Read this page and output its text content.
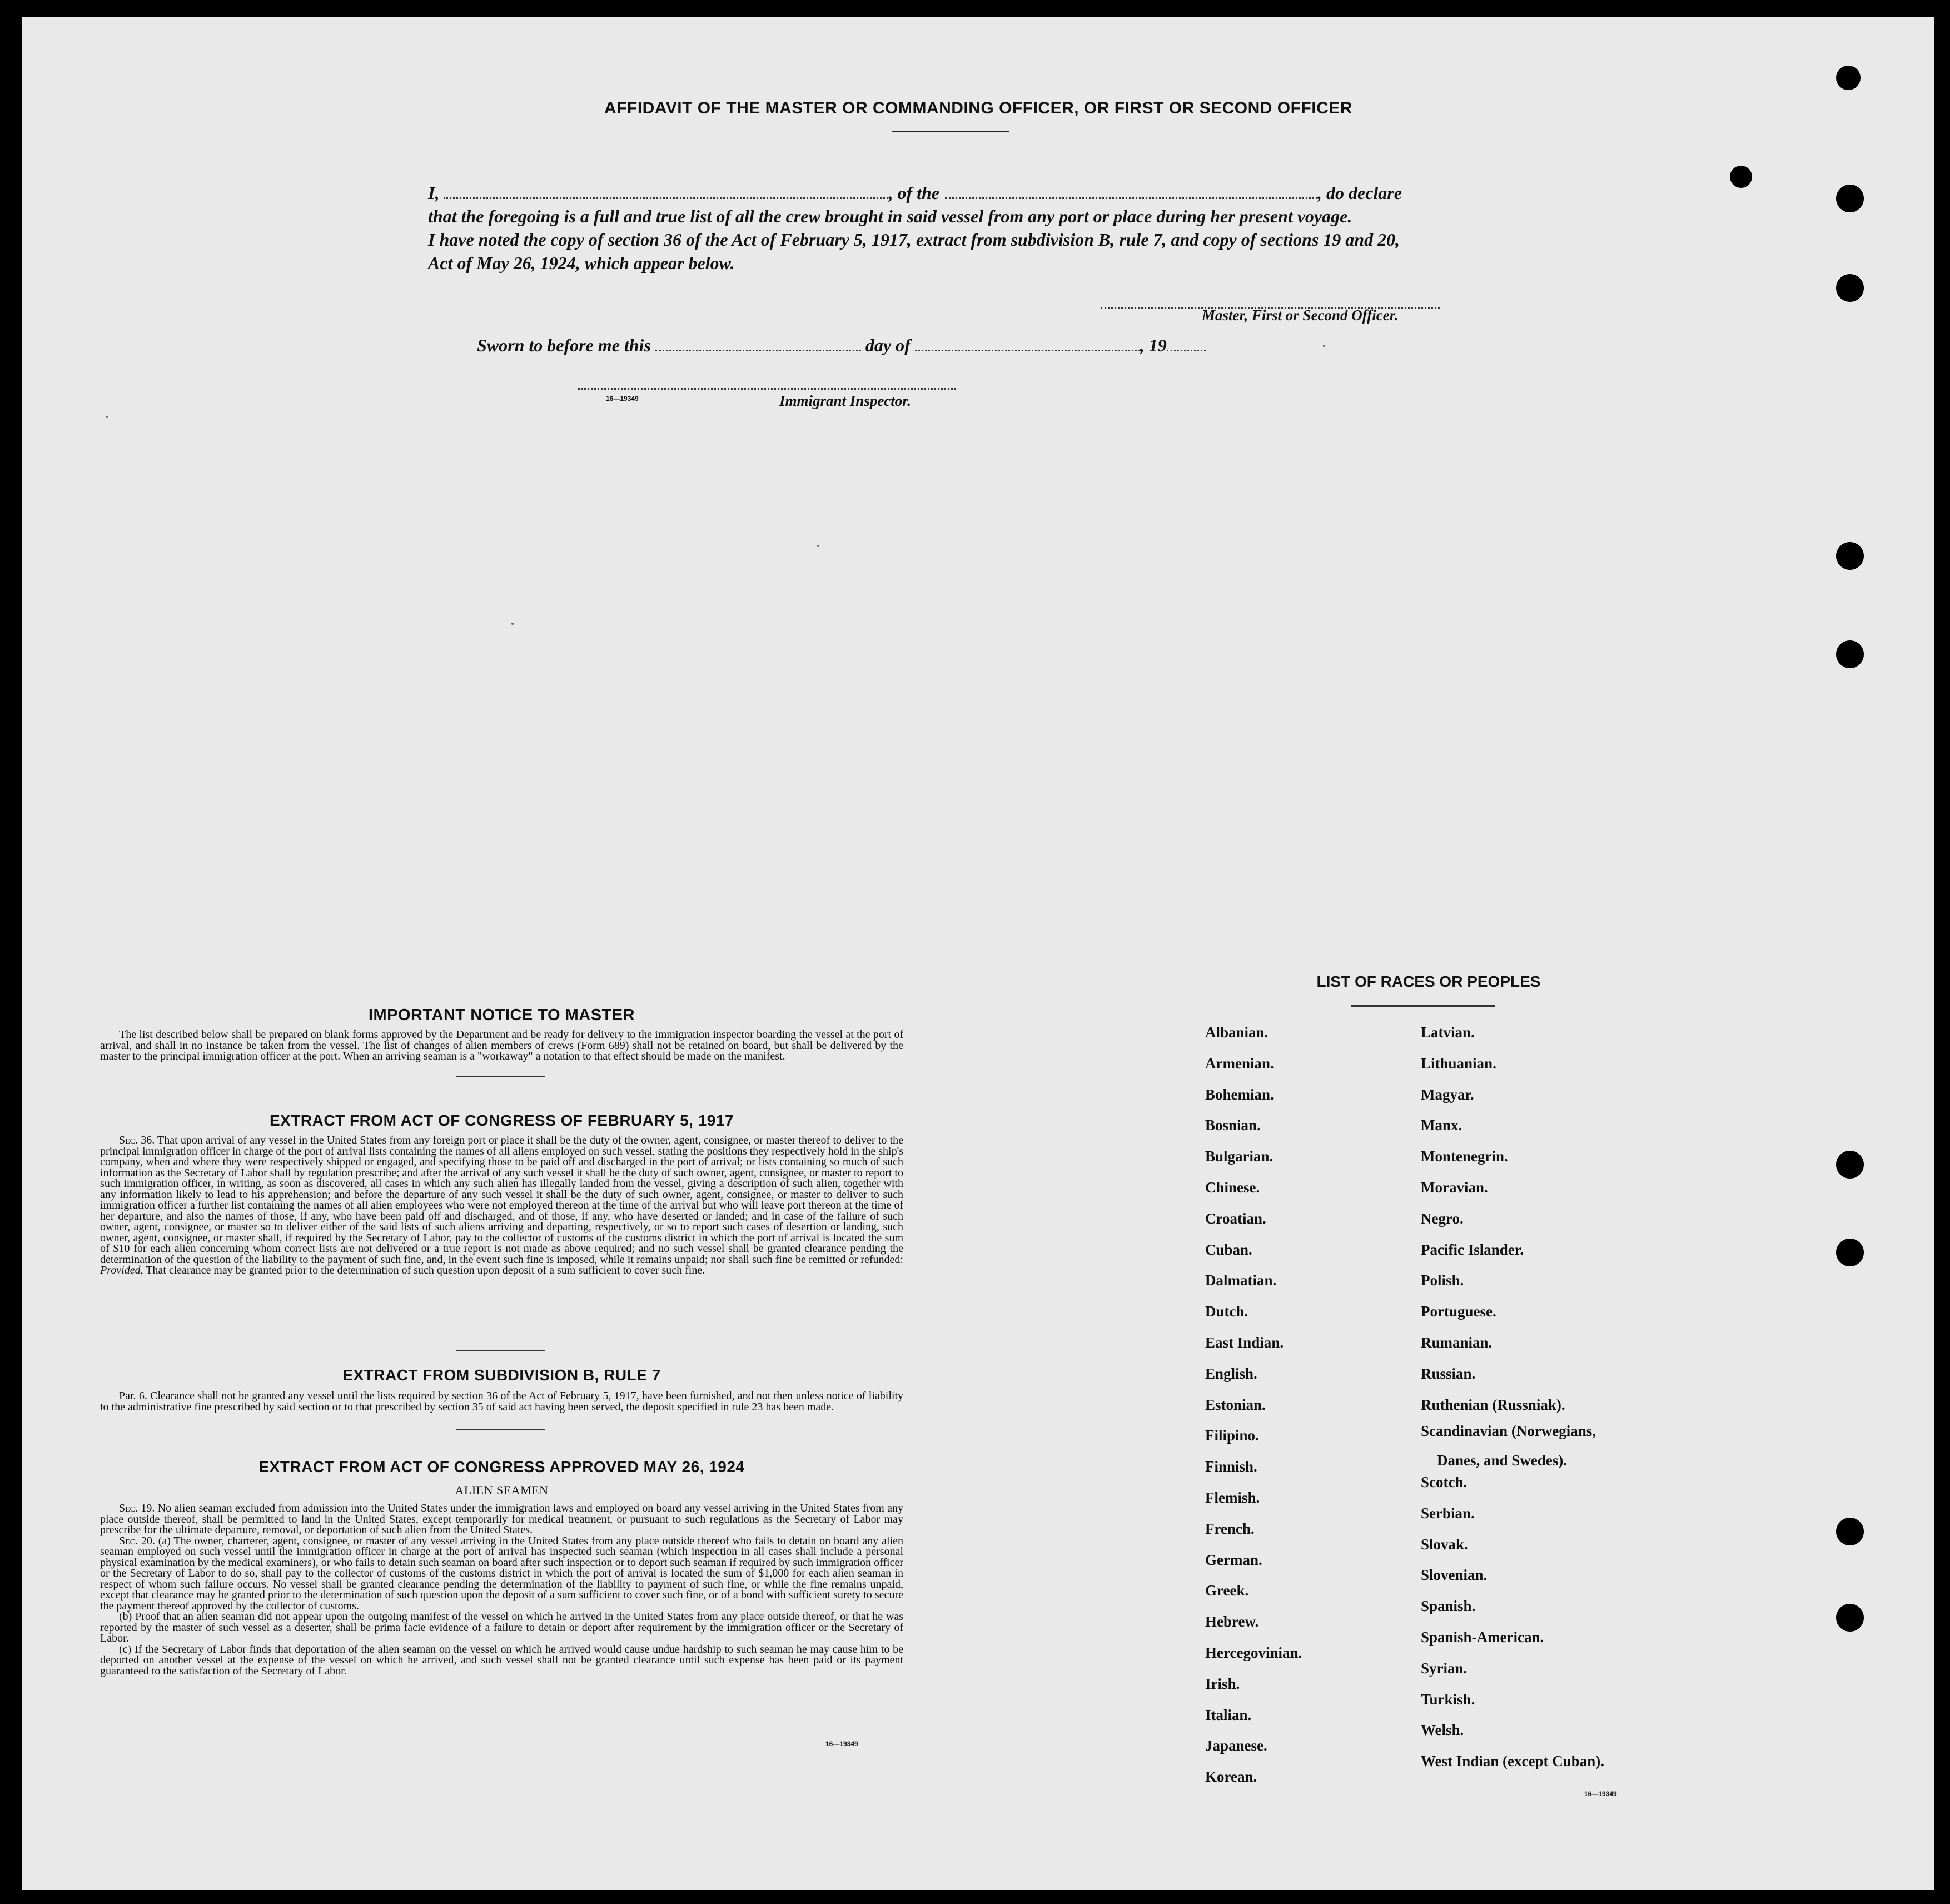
AFFIDAVIT OF THE MASTER OR COMMANDING OFFICER, OR FIRST OR SECOND OFFICER
I,	, of the	, do declare
that the foregoing is a full and true list of all the crew brought in said vessel from any port or place during her present voyage.
I have noted the copy of section 36 of the Act of February 5, 1917, extract from subdivision B, rule 7, and copy of sections 19 and 20,
Act of May 26, 1924, which appear below.
Master, First or Second Officer.
Sworn to before me this	day of	, 19
16—19349	Immigrant Inspector.
IMPORTANT NOTICE TO MASTER

The list described below shall be prepared on blank forms approved by the Department and be ready for delivery to the immigration inspector boarding the vessel at the port of arrival, and shall in no instance be taken from the vessel. The list of changes of alien members of crews (Form 689) shall not be retained on board, but shall be delivered by the master to the principal immigration officer at the port. When an arriving seaman is a "workaway" a notation to that effect should be made on the manifest.

EXTRACT FROM ACT OF CONGRESS OF FEBRUARY 5, 1917

Sec. 36. That upon arrival of any vessel in the United States from any foreign port or place it shall be the duty of the owner, agent, consignee, or master thereof to deliver to the principal immigration officer in charge of the port of arrival lists containing the names of all aliens employed on such vessel, stating the positions they respectively hold in the ship's company, when and where they were respectively shipped or engaged, and specifying those to be paid off and discharged in the port of arrival; or lists containing so much of such information as the Secretary of Labor shall by regulation prescribe; and after the arrival of any such vessel it shall be the duty of such owner, agent, consignee, or master to report to such immigration officer, in writing, as soon as discovered, all cases in which any such alien has illegally landed from the vessel, giving a description of such alien, together with any information likely to lead to his apprehension; and before the departure of any such vessel it shall be the duty of such owner, agent, consignee, or master to deliver to such immigration officer a further list containing the names of all alien employees who were not employed thereon at the time of the arrival but who will leave port thereon at the time of her departure, and also the names of those, if any, who have been paid off and discharged, and of those, if any, who have deserted or landed; and in case of the failure of such owner, agent, consignee, or master so to deliver either of the said lists of such aliens arriving and departing, respectively, or so to report such cases of desertion or landing, such owner, agent, consignee, or master shall, if required by the Secretary of Labor, pay to the collector of customs of the customs district in which the port of arrival is located the sum of $10 for each alien concerning whom correct lists are not delivered or a true report is not made as above required; and no such vessel shall be granted clearance pending the determination of the question of the liability to the payment of such fine, and, in the event such fine is imposed, while it remains unpaid; nor shall such fine be remitted or refunded: Provided, That clearance may be granted prior to the determination of such question upon deposit of a sum sufficient to cover such fine.

EXTRACT FROM SUBDIVISION B, RULE 7

Par. 6. Clearance shall not be granted any vessel until the lists required by section 36 of the Act of February 5, 1917, have been furnished, and not then unless notice of liability to the administrative fine prescribed by said section or to that prescribed by section 35 of said act having been served, the deposit specified in rule 23 has been made.

EXTRACT FROM ACT OF CONGRESS APPROVED MAY 26, 1924
ALIEN SEAMEN

Sec. 19. No alien seaman excluded from admission into the United States under the immigration laws and employed on board any vessel arriving in the United States from any place outside thereof, shall be permitted to land in the United States, except temporarily for medical treatment, or pursuant to such regulations as the Secretary of Labor may prescribe for the ultimate departure, removal, or deportation of such alien from the United States.

Sec. 20. (a) The owner, charterer, agent, consignee, or master of any vessel arriving in the United States from any place outside thereof who fails to detain on board any alien seaman employed on such vessel until the immigration officer in charge at the port of arrival has inspected such seaman (which inspection in all cases shall include a personal physical examination by the medical examiners), or who fails to detain such seaman on board after such inspection or to deport such seaman if required by such immigration officer or the Secretary of Labor to do so, shall pay to the collector of customs of the customs district in which the port of arrival is located the sum of $1,000 for each alien seaman in respect of whom such failure occurs. No vessel shall be granted clearance pending the determination of the liability to payment of such fine, or while the fine remains unpaid, except that clearance may be granted prior to the determination of such question upon the deposit of a sum sufficient to cover such fine, or of a bond with sufficient surety to secure the payment thereof approved by the collector of customs.

(b) Proof that an alien seaman did not appear upon the outgoing manifest of the vessel on which he arrived in the United States from any place outside thereof, or that he was reported by the master of such vessel as a deserter, shall be prima facie evidence of a failure to detain or deport after requirement by the immigration officer or the Secretary of Labor.

(c) If the Secretary of Labor finds that deportation of the alien seaman on the vessel on which he arrived would cause undue hardship to such seaman he may cause him to be deported on another vessel at the expense of the vessel on which he arrived, and such vessel shall not be granted clearance until such expense has been paid or its payment guaranteed to the satisfaction of the Secretary of Labor.

16—19349
LIST OF RACES OR PEOPLES
Danes, and Swedes).
16—19349
Albanian.
Armenian.
Bohemian.
Bosnian.
Bulgarian.
Chinese.
Croatian.
Cuban.
Dalmatian.
Dutch.
East Indian.
English.
Estonian.
Filipino.
Finnish.
Flemish.
French.
German.
Greek.
Hebrew.
Hercegovinian.
Irish.
Italian.
Japanese.
Korean.
Latvian.
Lithuanian.
Magyar.
Manx.
Montenegrin.
Moravian.
Negro.
Pacific Islander.
Polish.
Portuguese.
Rumanian.
Russian.
Ruthenian (Russniak).
Scandinavian (Norwegians,
Scotch.
Serbian.
Slovak.
Slovenian.
Spanish.
Spanish-American.
Syrian.
Turkish.
Welsh.
West Indian (except Cuban).
